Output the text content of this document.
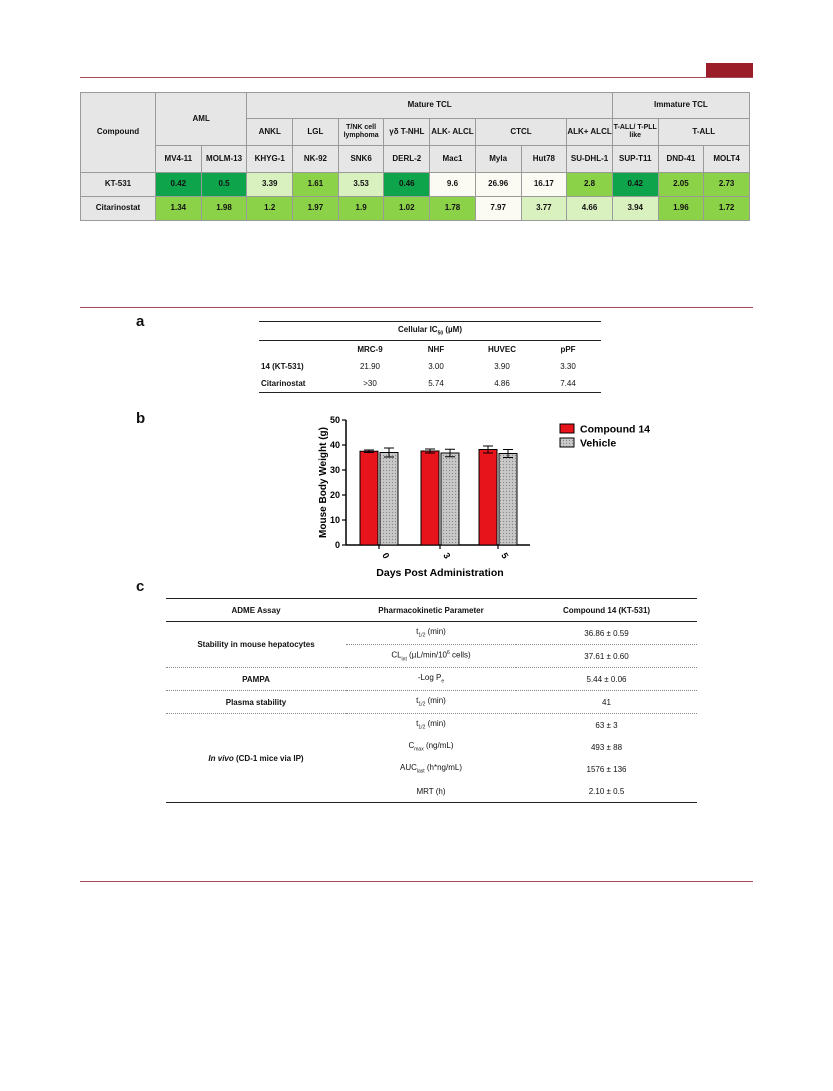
Compound	AML		Mature TCL								Immature TCL		
			ANKL	LGL	T/NK cell lymphoma	γδ T-NHL	ALK- ALCL	CTCL		ALK+ ALCL	T-ALL/ T-PLL like	T-ALL	
	MV4-11	MOLM-13	KHYG-1	NK-92	SNK6	DERL-2	Mac1	Myla	Hut78	SU-DHL-1	SUP-T11	DND-41	MOLT4
KT-531	0.42	0.5	3.39	1.61	3.53	0.46	9.6	26.96	16.17	2.8	0.42	2.05	2.73
Citarinostat	1.34	1.98	1.2	1.97	1.9	1.02	1.78	7.97	3.77	4.66	3.94	1.96	1.72
a	Cellular $IC_{50}$ (µM)				
	MRC-9	NHF	HUVEC	pPF
14 (KT-531)	21.90	3.00	3.90	3.30
Citarinostat	>30	5.74	4.86	7.44
b
0
10
20
30
40
50
Mouse Body Weight (g)
0	3	5
Days Post Administration
Compound 14
Vehicle
c
ADME Assay	Pharmacokinetic Parameter	Compound 14 (KT-531)
Stability in mouse hepatocytes	$t_{1/2}$ (min)	36.86 ± 0.59
	$CL_{int}$ ($\mu L/\min/10^6$ cells)	37.61 ± 0.60
PAMPA	-Log $P_e$	5.44 ± 0.06
Plasma stability	$t_{1/2}$ (min)	41
In vivo (CD-1 mice via IP)	$t_{1/2}$ (min)	63 ± 3
	$C_{max}$ (ng/mL)	493 ± 88
	$AUC_{last}$ (h*ng/mL)	1576 ± 136
	MRT (h)	2.10 ± 0.5
